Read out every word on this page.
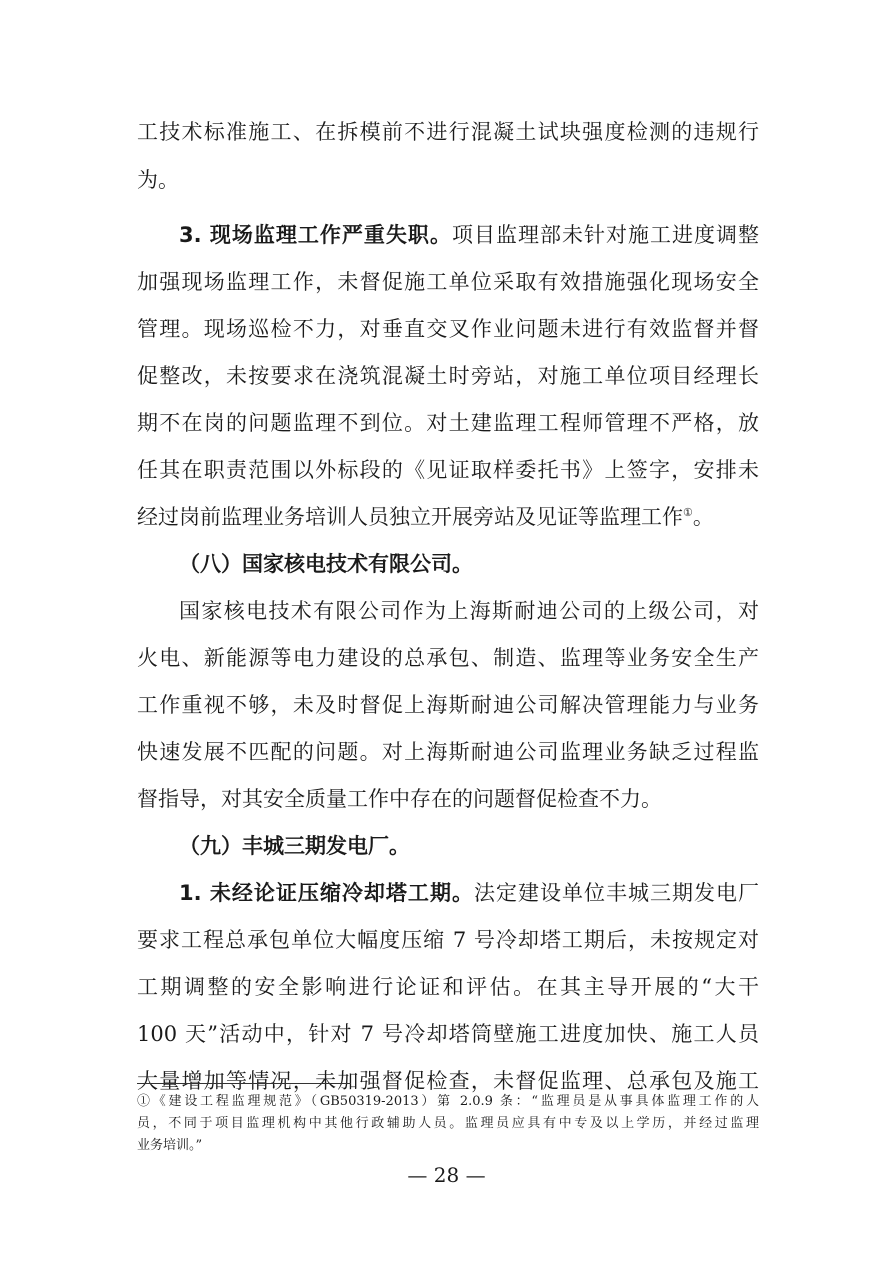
工技术标准施工、在拆模前不进行混凝土试块强度检测的违规行
为。
3. 现场监理工作严重失职。项目监理部未针对施工进度调整
加强现场监理工作，未督促施工单位采取有效措施强化现场安全
管理。现场巡检不力，对垂直交叉作业问题未进行有效监督并督
促整改，未按要求在浇筑混凝土时旁站，对施工单位项目经理长
期不在岗的问题监理不到位。对土建监理工程师管理不严格，放
任其在职责范围以外标段的《见证取样委托书》上签字，安排未
经过岗前监理业务培训人员独立开展旁站及见证等监理工作①。
（八）国家核电技术有限公司。
国家核电技术有限公司作为上海斯耐迪公司的上级公司，对
火电、新能源等电力建设的总承包、制造、监理等业务安全生产
工作重视不够，未及时督促上海斯耐迪公司解决管理能力与业务
快速发展不匹配的问题。对上海斯耐迪公司监理业务缺乏过程监
督指导，对其安全质量工作中存在的问题督促检查不力。
（九）丰城三期发电厂。
1. 未经论证压缩冷却塔工期。法定建设单位丰城三期发电厂
要求工程总承包单位大幅度压缩 7 号冷却塔工期后，未按规定对
工期调整的安全影响进行论证和评估。在其主导开展的“大干
100 天”活动中，针对 7 号冷却塔筒壁施工进度加快、施工人员
大量增加等情况，未加强督促检查，未督促监理、总承包及施工
①《建设工程监理规范》（GB50319-2013）第 2.0.9 条：“监理员是从事具体监理工作的人
员，不同于项目监理机构中其他行政辅助人员。监理员应具有中专及以上学历，并经过监理
业务培训。”
— 28 —
